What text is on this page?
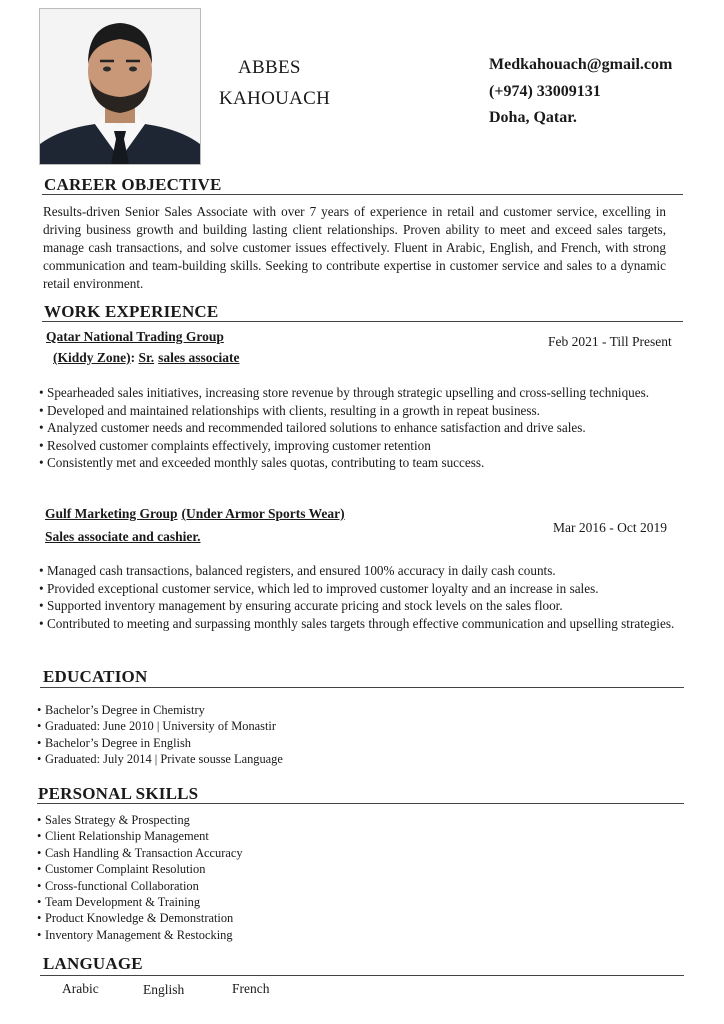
ABBES
KAHOUACH
Medkahouach@gmail.com
(+974) 33009131
Doha, Qatar.
CAREER OBJECTIVE
Results-driven Senior Sales Associate with over 7 years of experience in retail and customer service, excelling in driving business growth and building lasting client relationships. Proven ability to meet and exceed sales targets, manage cash transactions, and solve customer issues effectively. Fluent in Arabic, English, and French, with strong communication and team-building skills. Seeking to contribute expertise in customer service and sales to a dynamic retail environment.
WORK EXPERIENCE
Qatar National Trading Group
(Kiddy Zone): Sr. sales associate
Feb 2021 - Till Present
• Spearheaded sales initiatives, increasing store revenue by through strategic upselling and cross-selling techniques.
• Developed and maintained relationships with clients, resulting in a growth in repeat business.
• Analyzed customer needs and recommended tailored solutions to enhance satisfaction and drive sales.
• Resolved customer complaints effectively, improving customer retention
• Consistently met and exceeded monthly sales quotas, contributing to team success.
Gulf Marketing Group (Under Armor Sports Wear)
Sales associate and cashier.
Mar 2016 - Oct 2019
• Managed cash transactions, balanced registers, and ensured 100% accuracy in daily cash counts.
• Provided exceptional customer service, which led to improved customer loyalty and an increase in sales.
• Supported inventory management by ensuring accurate pricing and stock levels on the sales floor.
• Contributed to meeting and surpassing monthly sales targets through effective communication and upselling strategies.
EDUCATION
• Bachelor’s Degree in Chemistry
• Graduated: June 2010 | University of Monastir
• Bachelor’s Degree in English
• Graduated: July 2014 | Private sousse Language
PERSONAL SKILLS
• Sales Strategy & Prospecting
• Client Relationship Management
• Cash Handling & Transaction Accuracy
• Customer Complaint Resolution
• Cross-functional Collaboration
• Team Development & Training
• Product Knowledge & Demonstration
• Inventory Management & Restocking
LANGUAGE
Arabic	English	French
